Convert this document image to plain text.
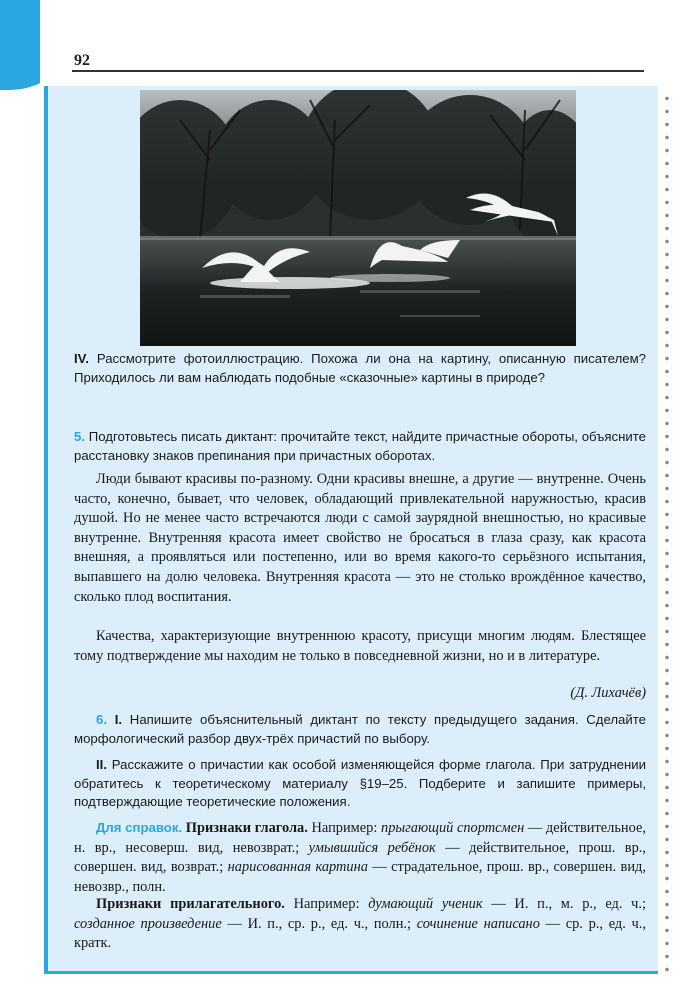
92
IV. Рассмотрите фотоиллюстрацию. Похожа ли она на картину, описанную писателем? Приходилось ли вам наблюдать подобные «сказочные» картины в природе?
5. Подготовьтесь писать диктант: прочитайте текст, найдите причастные обороты, объясните расстановку знаков препинания при причастных оборотах.
Люди бывают красивы по-разному. Одни красивы внешне, а другие — внутренне. Очень часто, конечно, бывает, что человек, обладающий привлекательной наружностью, красив душой. Но не менее часто встречаются люди с самой заурядной внешностью, но красивые внутренне. Внутренняя красота имеет свойство не бросаться в глаза сразу, как красота внешняя, а проявляться или постепенно, или во время какого-то серьёзного испытания, выпавшего на долю человека. Внутренняя красота — это не столько врождённое качество, сколько плод воспитания.
Качества, характеризующие внутреннюю красоту, присущи многим людям. Блестящее тому подтверждение мы находим не только в повседневной жизни, но и в литературе.
(Д. Лихачёв)
6. I. Напишите объяснительный диктант по тексту предыдущего задания. Сделайте морфологический разбор двух-трёх причастий по выбору.
II. Расскажите о причастии как особой изменяющейся форме глагола. При затруднении обратитесь к теоретическому материалу §19–25. Подберите и запишите примеры, подтверждающие теоретические положения.
Для справок. Признаки глагола. Например: прыгающий спортсмен — действительное, н. вр., несоверш. вид, невозврат.; умывшийся ребёнок — действительное, прош. вр., совершен. вид, возврат.; нарисованная картина — страдательное, прош. вр., совершен. вид, невозвр., полн.
Признаки прилагательного. Например: думающий ученик — И. п., м. р., ед. ч.; созданное произведение — И. п., ср. р., ед. ч., полн.; сочинение написано — ср. р., ед. ч., кратк.
